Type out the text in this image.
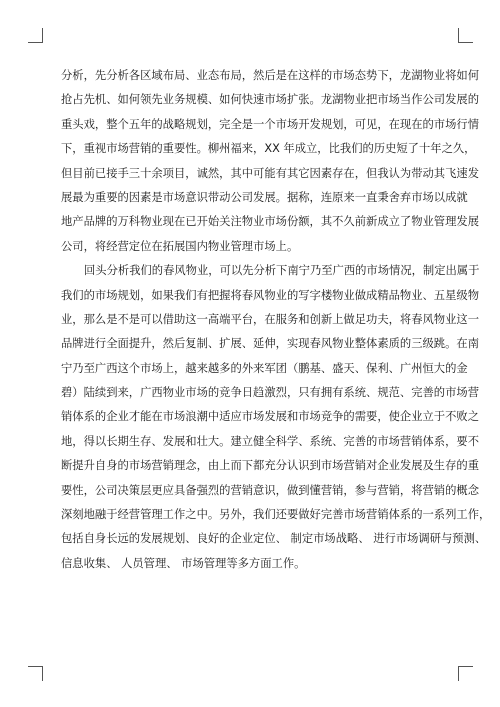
分析，先分析各区域布局、业态布局，然后是在这样的市场态势下，龙湖物业将如何
抢占先机、如何领先业务规模、如何快速市场扩张。龙湖物业把市场当作公司发展的
重头戏，整个五年的战略规划，完全是一个市场开发规划，可见，在现在的市场行情
下，重视市场营销的重要性。柳州福来，XX 年成立，比我们的历史短了十年之久，
但目前已接手三十余项目，诚然，其中可能有其它因素存在，但我认为带动其飞速发
展最为重要的因素是市场意识带动公司发展。据称，连原来一直秉舍弃市场以成就
地产品牌的万科物业现在已开始关注物业市场份额，其不久前新成立了物业管理发展
公司，将经营定位在拓展国内物业管理市场上。

回头分析我们的春风物业，可以先分析下南宁乃至广西的市场情况，制定出属于
我们的市场规划，如果我们有把握将春风物业的写字楼物业做成精品物业、五星级物
业，那么是不是可以借助这一高端平台，在服务和创新上做足功夫，将春风物业这一
品牌进行全面提升，然后复制、扩展、延伸，实现春风物业整体素质的三级跳。在南
宁乃至广西这个市场上，越来越多的外来军团（鹏基、盛天、保利、广州恒大的金
碧）陆续到来，广西物业市场的竞争日趋激烈，只有拥有系统、规范、完善的市场营
销体系的企业才能在市场浪潮中适应市场发展和市场竞争的需要，使企业立于不败之
地，得以长期生存、发展和壮大。建立健全科学、系统、完善的市场营销体系，要不
断提升自身的市场营销理念，由上而下都充分认识到市场营销对企业发展及生存的重
要性，公司决策层更应具备强烈的营销意识，做到懂营销，参与营销，将营销的概念
深刻地融于经营管理工作之中。另外，我们还要做好完善市场营销体系的一系列工作，
包括自身长远的发展规划、良好的企业定位、 制定市场战略、 进行市场调研与预测、
信息收集、 人员管理、 市场管理等多方面工作。
